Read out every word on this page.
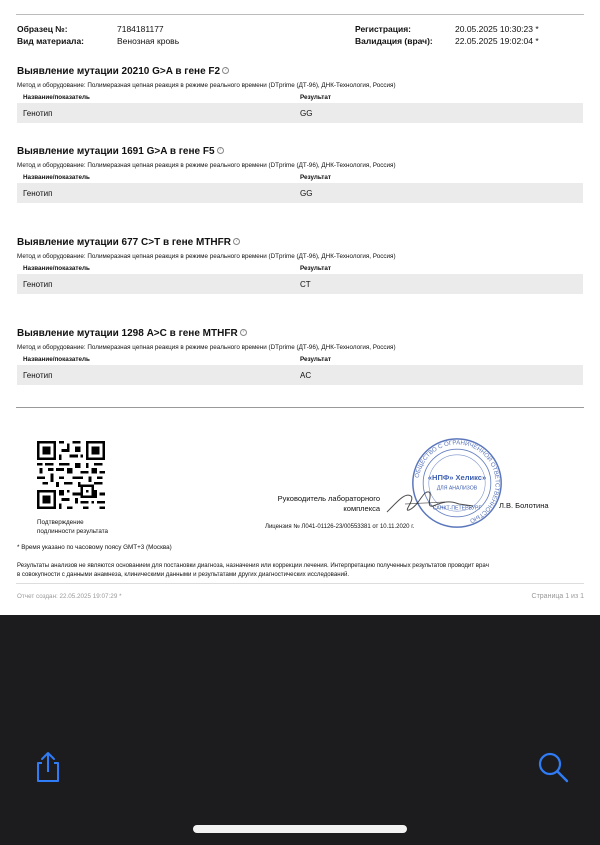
Образец №:	7184181177
Вид материала:	Венозная кровь
Регистрация:	20.05.2025 10:30:23 *
Валидация (врач):	22.05.2025 19:02:04 *
Выявление мутации 20210 G>A в гене F2 ?
Метод и оборудование: Полимеразная цепная реакция в режиме реального времени (DTprime (ДТ-96), ДНК-Технология, Россия)
Название/показатель	Результат
Генотип	GG
Выявление мутации 1691 G>A в гене F5 ?
Метод и оборудование: Полимеразная цепная реакция в режиме реального времени (DTprime (ДТ-96), ДНК-Технология, Россия)
Название/показатель	Результат
Генотип	GG
Выявление мутации 677 C>T в гене MTHFR ?
Метод и оборудование: Полимеразная цепная реакция в режиме реального времени (DTprime (ДТ-96), ДНК-Технология, Россия)
Название/показатель	Результат
Генотип	CT
Выявление мутации 1298 A>C в гене MTHFR ?
Метод и оборудование: Полимеразная цепная реакция в режиме реального времени (DTprime (ДТ-96), ДНК-Технология, Россия)
Название/показатель	Результат
Генотип	AC
Подтверждение
подлинности результата
Руководитель лабораторного
комплекса
ОБЩЕСТВО С ОГРАНИЧЕННОЙ ОТВЕТСТВЕННОСТЬЮ
«НПФ» Хеликс»
ДЛЯ АНАЛИЗОВ
САНКТ-ПЕТЕРБУРГ Л.В. Болотина
Лицензия № Л041-01126-23/00553381 от 10.11.2020 г.
* Время указано по часовому поясу GMT+3 (Москва)
Результаты анализов не являются основанием для постановки диагноза, назначения или коррекции лечения. Интерпретацию полученных результатов проводит врач
в совокупности с данными анамнеза, клиническими данными и результатами других диагностических исследований.
Отчет создан: 22.05.2025 19:07:29 *	Страница 1 из 1
